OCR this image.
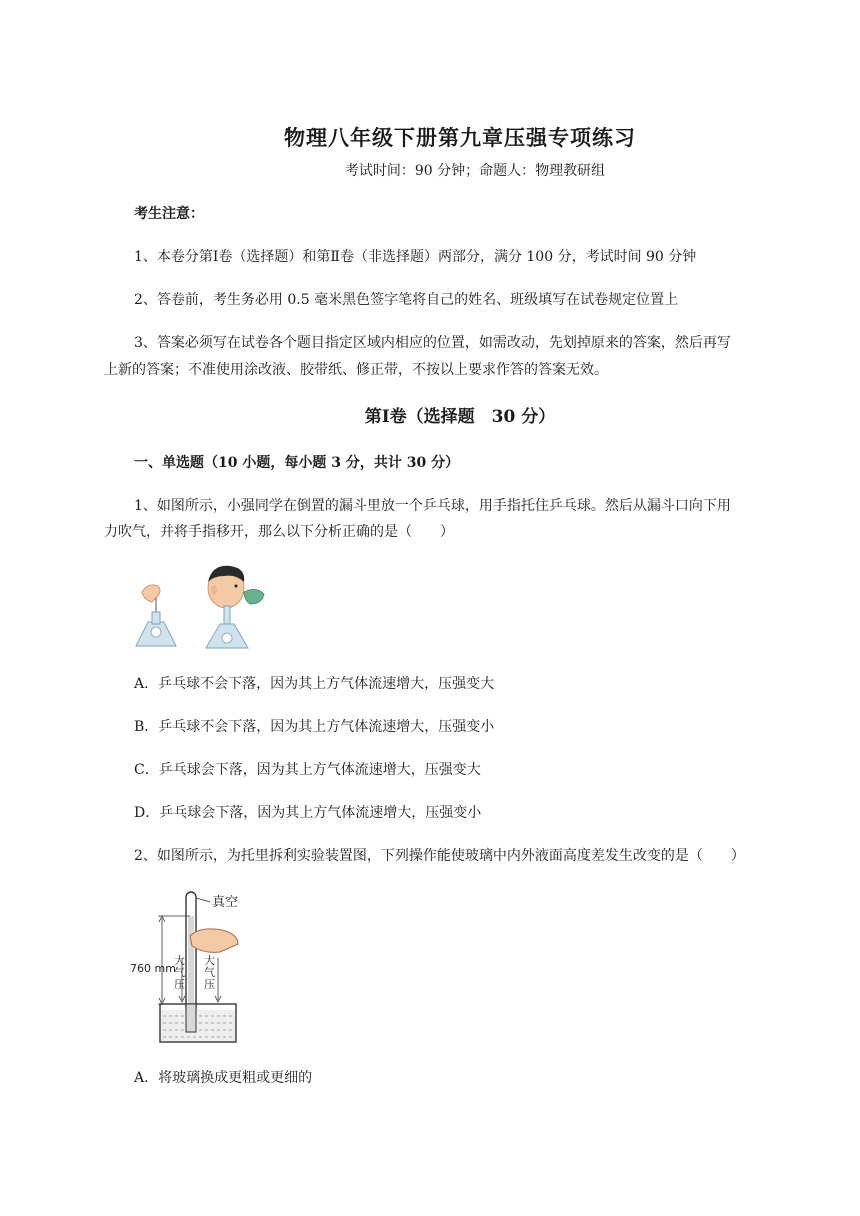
物理八年级下册第九章压强专项练习
考试时间：90 分钟；命题人：物理教研组
考生注意：
1、本卷分第Ⅰ卷（选择题）和第Ⅱ卷（非选择题）两部分，满分 100 分，考试时间 90 分钟
2、答卷前，考生务必用 0.5 毫米黑色签字笔将自己的姓名、班级填写在试卷规定位置上
3、答案必须写在试卷各个题目指定区域内相应的位置，如需改动，先划掉原来的答案，然后再写
上新的答案；不准使用涂改液、胶带纸、修正带，不按以上要求作答的答案无效。
第Ⅰ卷（选择题　30 分）
一、单选题（10 小题，每小题 3 分，共计 30 分）
1、如图所示，小强同学在倒置的漏斗里放一个乒乓球，用手指托住乒乓球。然后从漏斗口向下用
力吹气，并将手指移开，那么以下分析正确的是（　　）
A．乒乓球不会下落，因为其上方气体流速增大，压强变大
B．乒乓球不会下落，因为其上方气体流速增大，压强变小
C．乒乓球会下落，因为其上方气体流速增大，压强变大
D．乒乓球会下落，因为其上方气体流速增大，压强变小
2、如图所示，为托里拆利实验装置图，下列操作能使玻璃中内外液面高度差发生改变的是（　　）
真空
760 mm
大
气
压
大
气
压
A．将玻璃换成更粗或更细的
